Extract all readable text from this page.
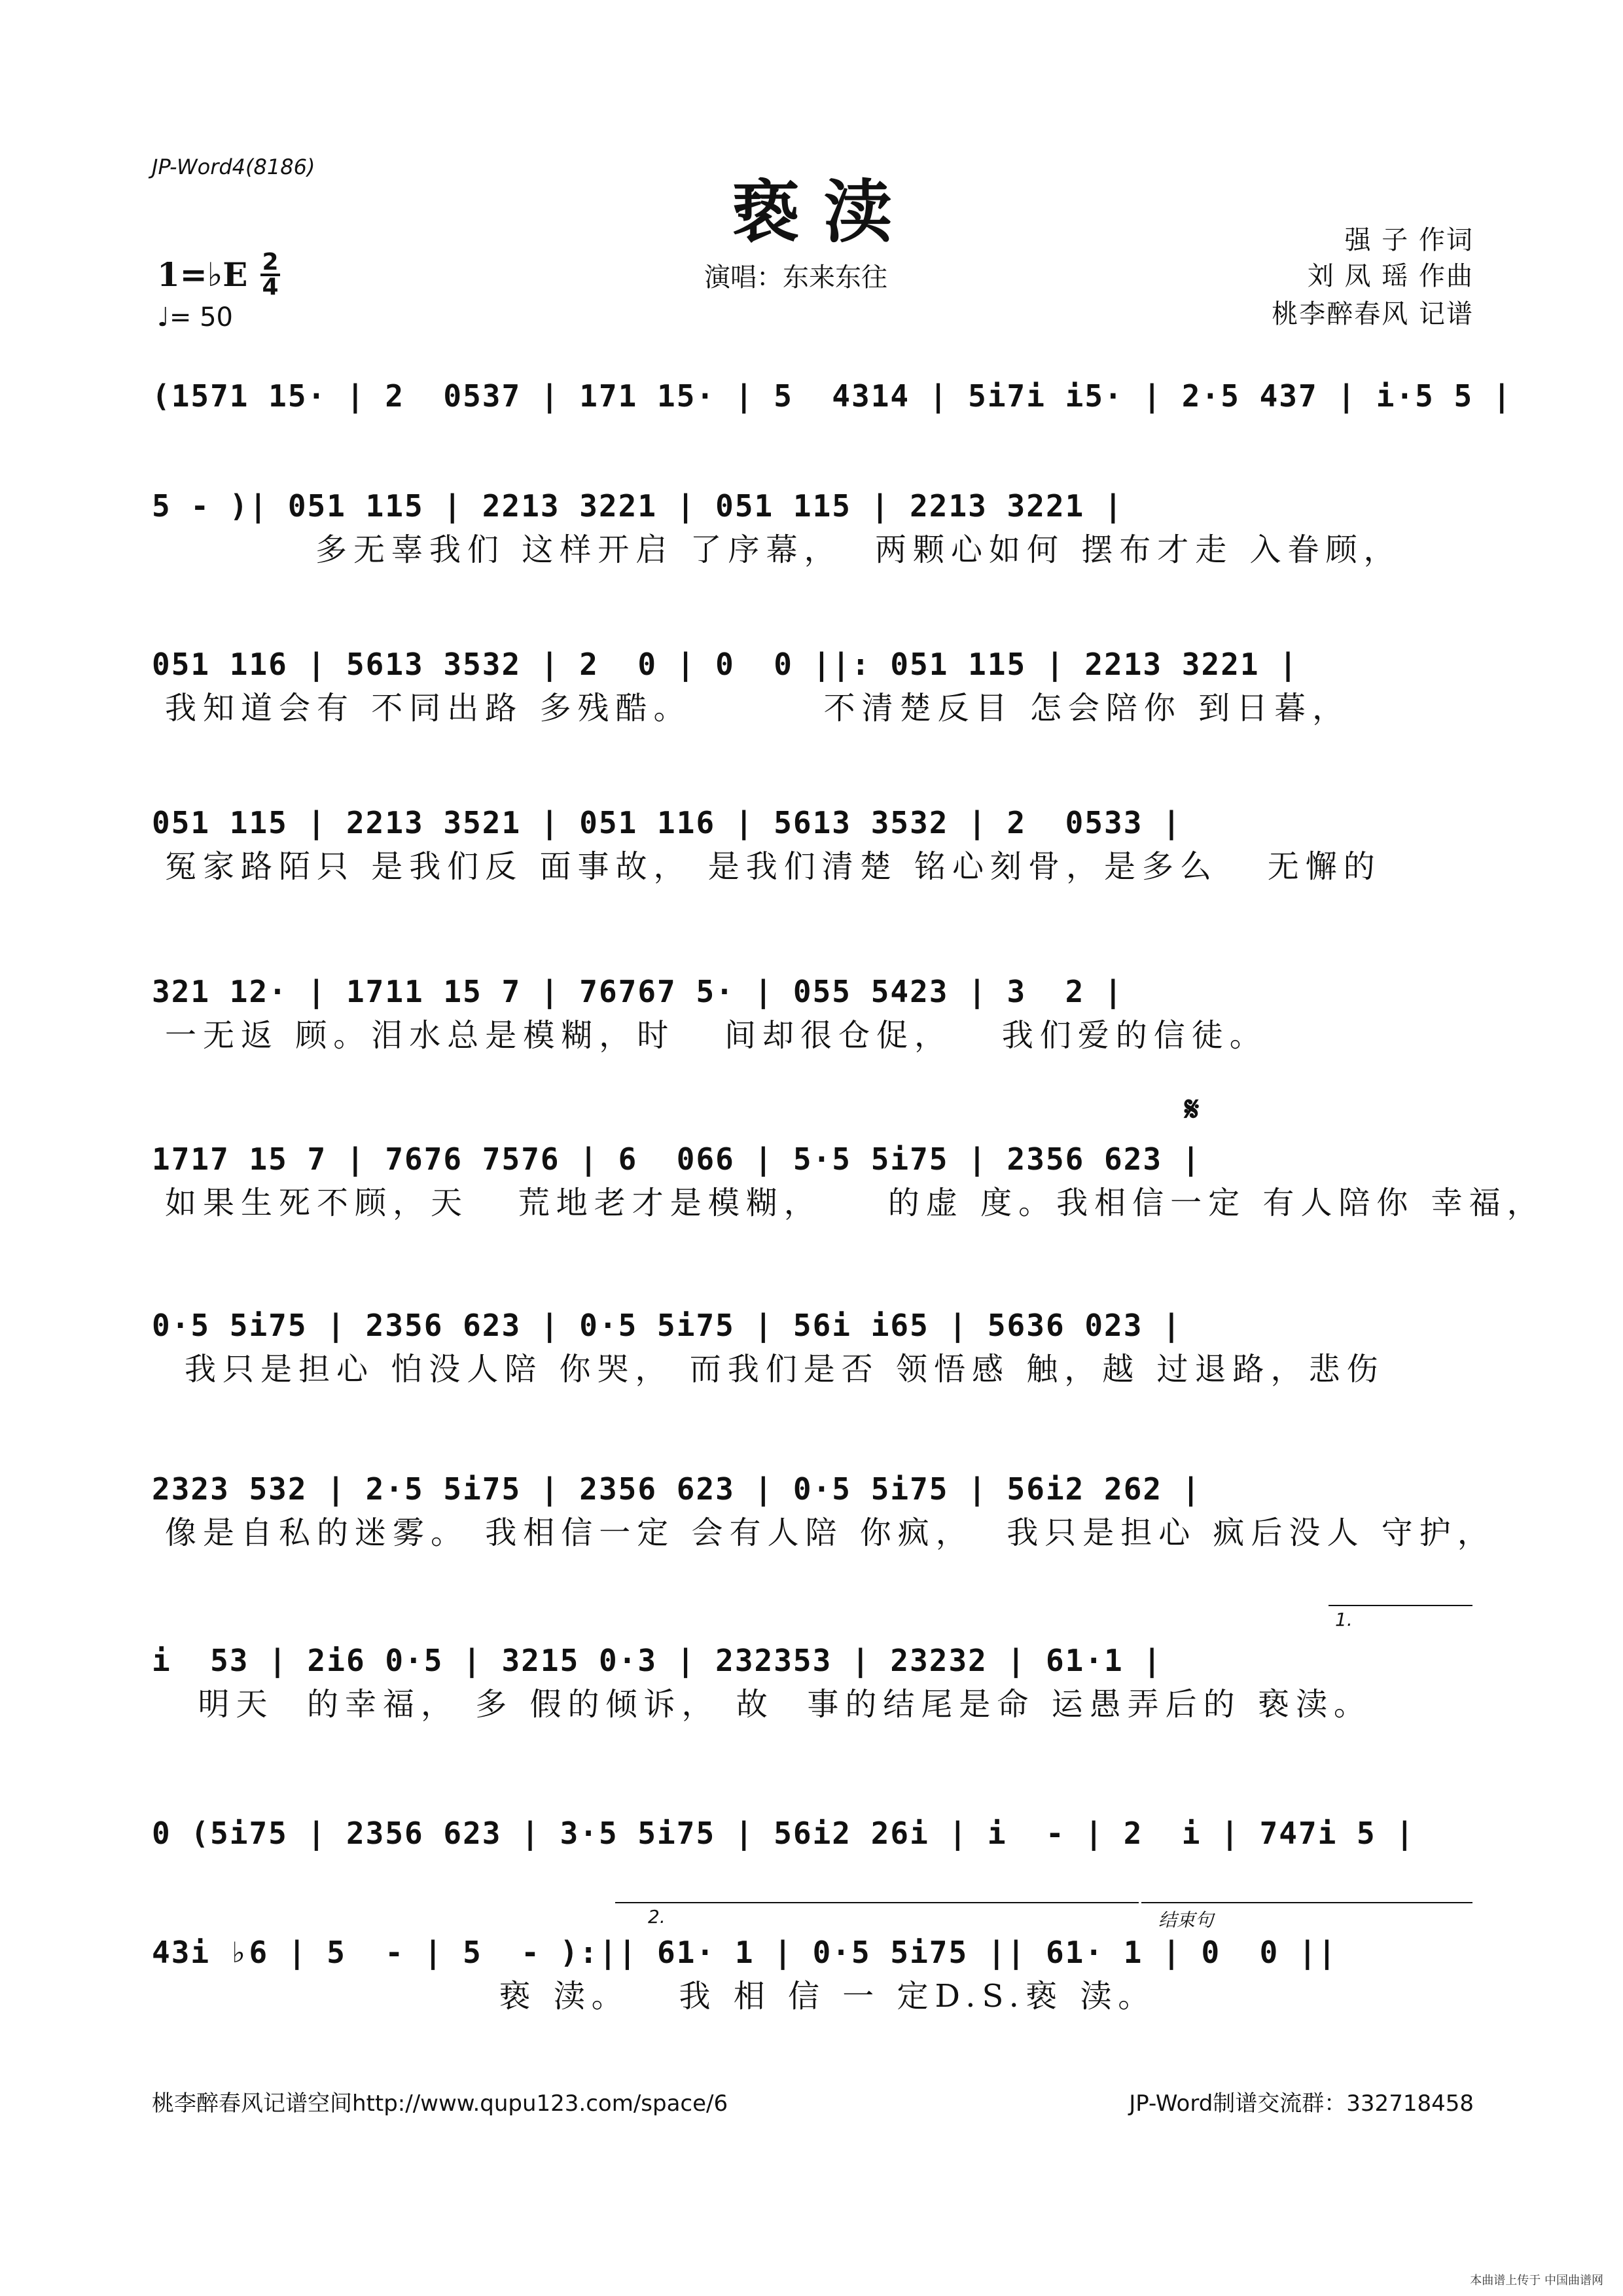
JP-Word4(8186)
亵 渎	强 子 作词
刘 凤 瑶 作曲
桃李醉春风 记谱
演唱：东来东往
1=♭E 2
4
♩= 50
(1571 15· | 2  0537 | 171 15· | 5  4314 | 5i7i i5· | 2·5 437 | i·5 5 |
5 - )| 051 115 | 2213 3221 | 051 115 | 2213 3221 |
多无辜我们 这样开启 了序幕，  两颗心如何 摆布才走 入眷顾，
051 116 | 5613 3532 | 2  0 | 0  0 ||: 051 115 | 2213 3221 |
我知道会有 不同出路 多残酷。        不清楚反目 怎会陪你 到日暮，
051 115 | 2213 3521 | 051 116 | 5613 3532 | 2  0533 |
冤家路陌只 是我们反 面事故， 是我们清楚 铭心刻骨，是多么   无懈的
321 12· | 1711 15 7 | 76767 5· | 055 5423 | 3  2 |
一无返 顾。泪水总是模糊，时   间却很仓促，   我们爱的信徒。
𝄋
1717 15 7 | 7676 7576 | 6  066 | 5·5 5i75 | 2356 623 |
如果生死不顾，天   荒地老才是模糊，    的虚 度。我相信一定 有人陪你 幸福，
0·5 5i75 | 2356 623 | 0·5 5i75 | 56i i65 | 5636 023 |
我只是担心 怕没人陪 你哭， 而我们是否 领悟感 触，越 过退路，悲伤
2323 532 | 2·5 5i75 | 2356 623 | 0·5 5i75 | 56i2 262 |
像是自私的迷雾。 我相信一定 会有人陪 你疯，  我只是担心 疯后没人 守护，
1.
i  53 | 2i6 0·5 | 3215 0·3 | 232353 | 23232 | 61·1 |
明天  的幸福， 多 假的倾诉， 故  事的结尾是命 运愚弄后的 亵渎。
0 (5i75 | 2356 623 | 3·5 5i75 | 56i2 26i | i  - | 2  i | 747i 5 |
2.	结束句
43i ♭6 | 5  - | 5  - ):|| 61· 1 | 0·5 5i75 || 61· 1 | 0  0 ||
亵 渎。   我 相 信 一 定D.S.亵 渎。
桃李醉春风记谱空间http://www.qupu123.com/space/6	JP-Word制谱交流群：332718458
本曲谱上传于 中国曲谱网
